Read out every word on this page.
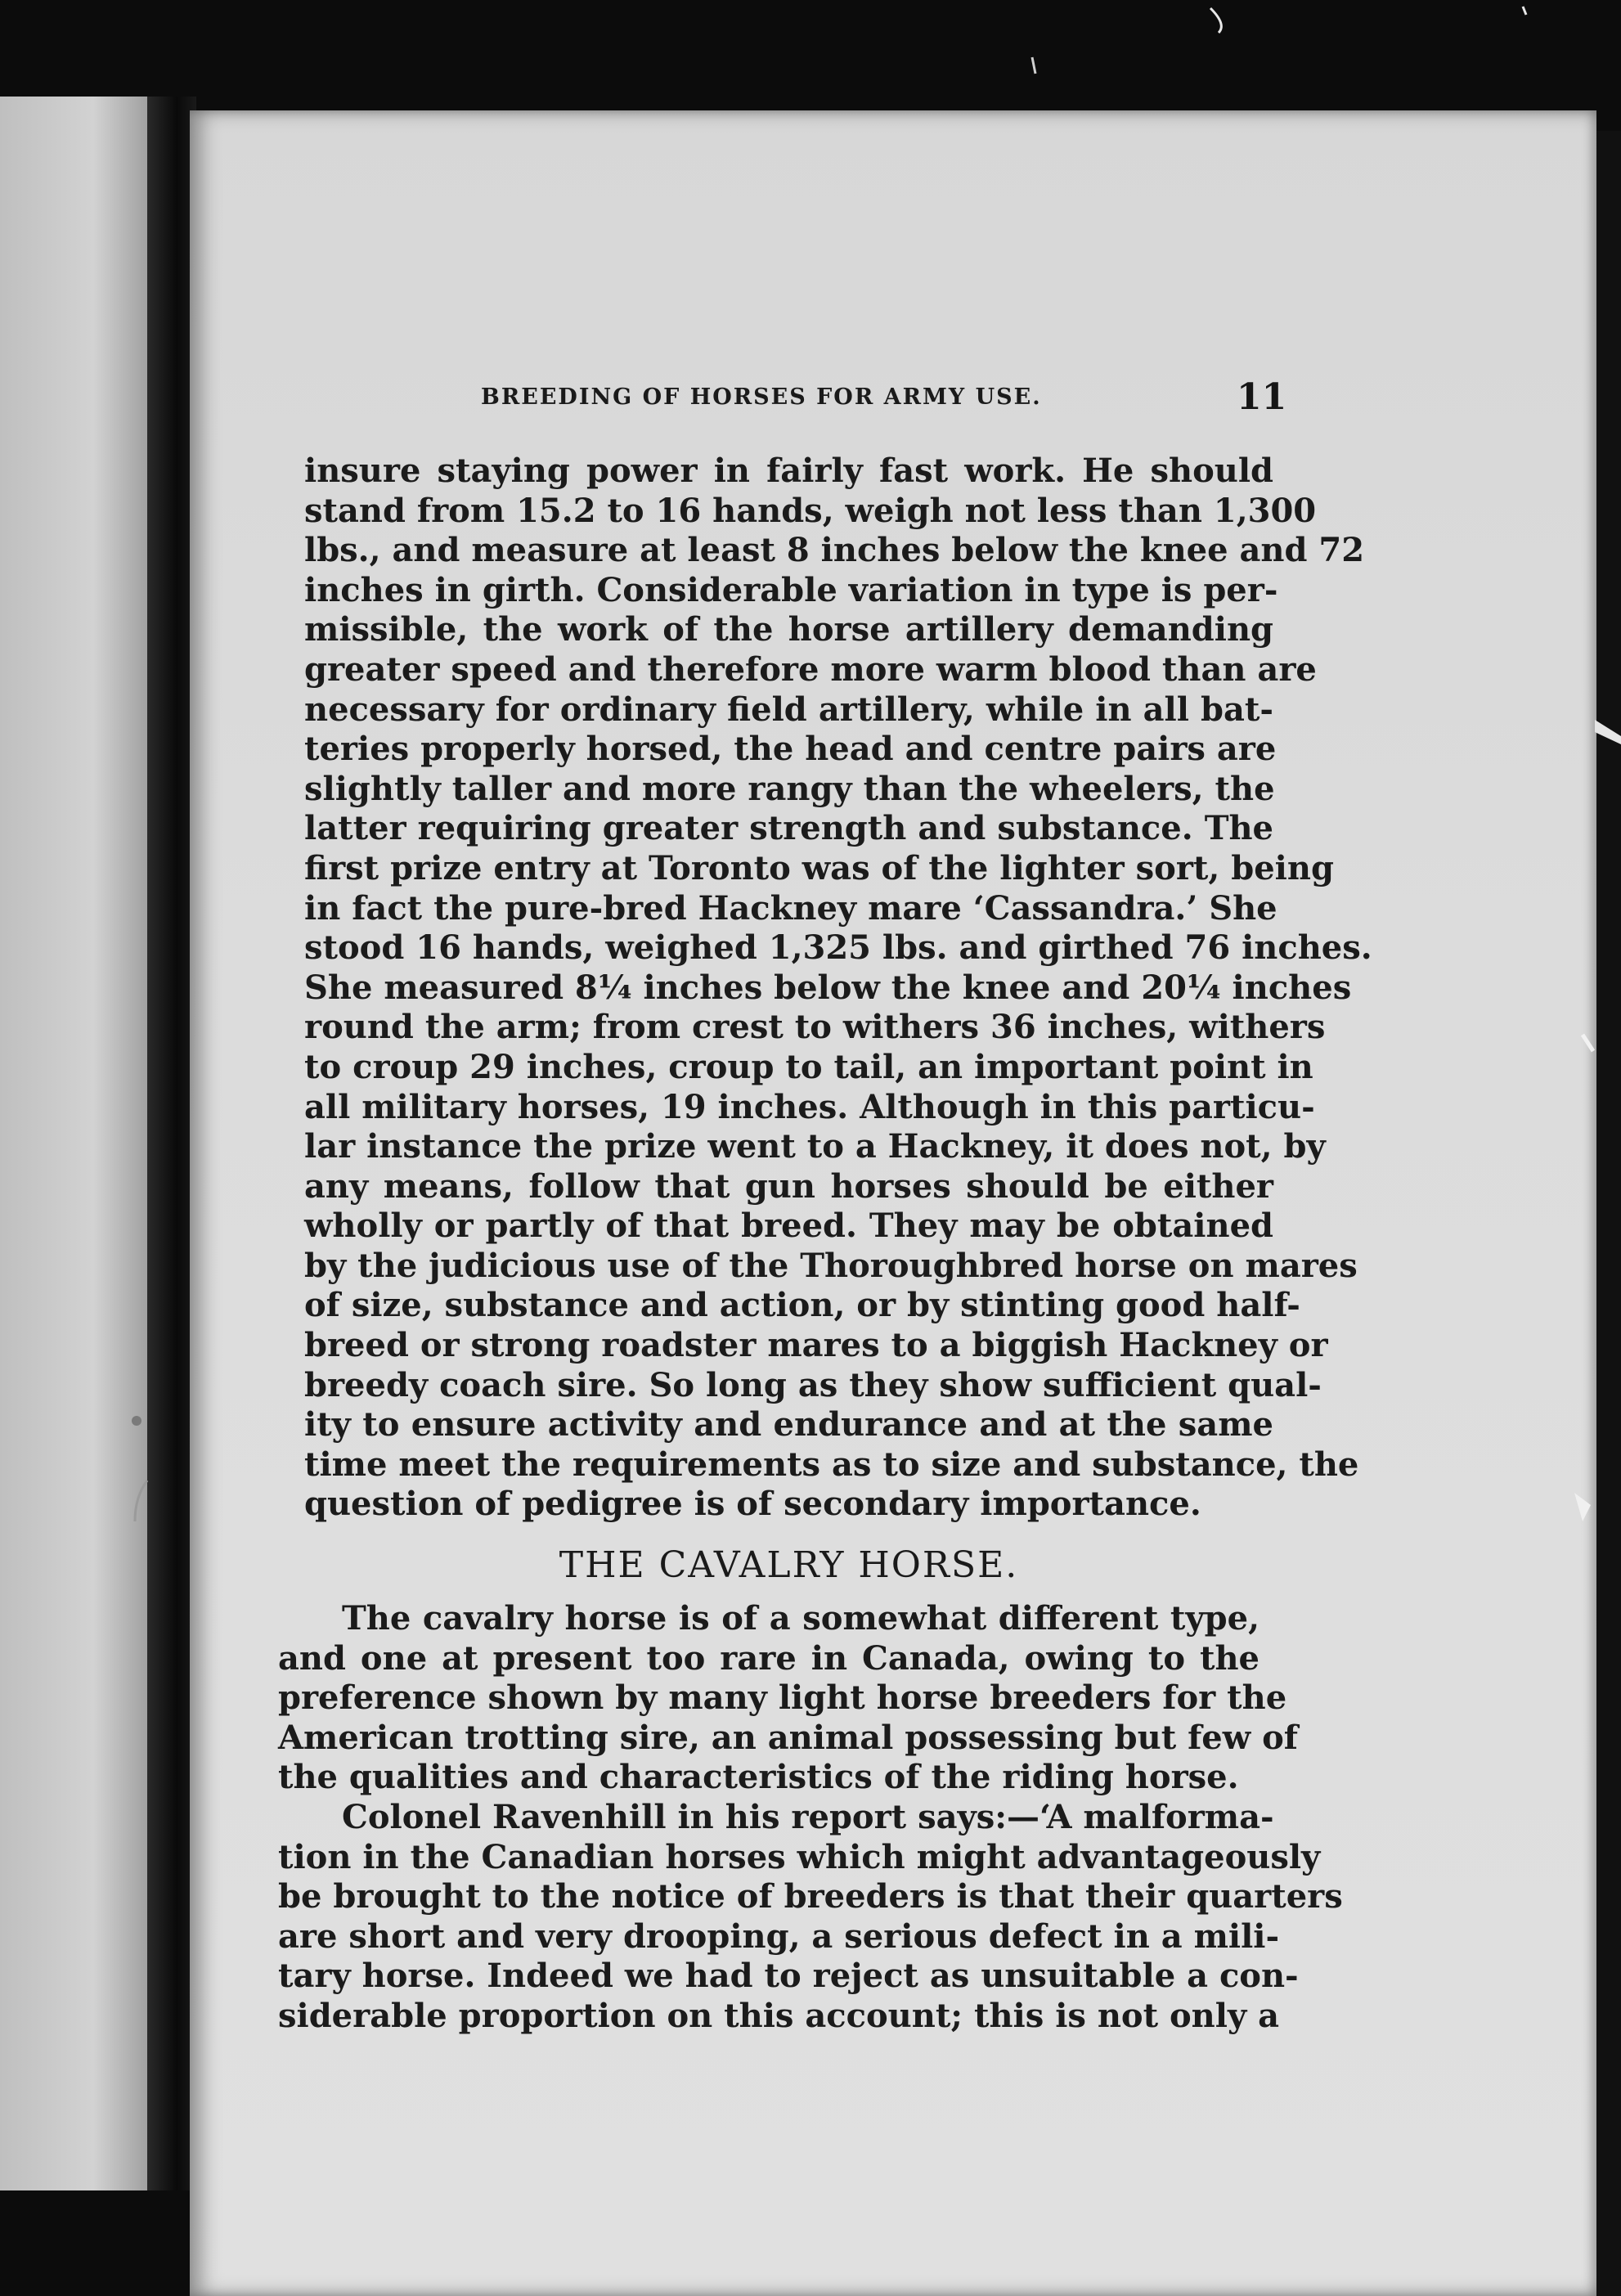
BREEDING OF HORSES FOR ARMY USE.	11
insure staying power in fairly fast work. He should
stand from 15.2 to 16 hands, weigh not less than 1,300
lbs., and measure at least 8 inches below the knee and 72
inches in girth. Considerable variation in type is per-
missible, the work of the horse artillery demanding
greater speed and therefore more warm blood than are
necessary for ordinary field artillery, while in all bat-
teries properly horsed, the head and centre pairs are
slightly taller and more rangy than the wheelers, the
latter requiring greater strength and substance. The
first prize entry at Toronto was of the lighter sort, being
in fact the pure-bred Hackney mare ‘Cassandra.’ She
stood 16 hands, weighed 1,325 lbs. and girthed 76 inches.
She measured 8¼ inches below the knee and 20¼ inches
round the arm; from crest to withers 36 inches, withers
to croup 29 inches, croup to tail, an important point in
all military horses, 19 inches. Although in this particu-
lar instance the prize went to a Hackney, it does not, by
any means, follow that gun horses should be either
wholly or partly of that breed. They may be obtained
by the judicious use of the Thoroughbred horse on mares
of size, substance and action, or by stinting good half-
breed or strong roadster mares to a biggish Hackney or
breedy coach sire. So long as they show sufficient qual-
ity to ensure activity and endurance and at the same
time meet the requirements as to size and substance, the
question of pedigree is of secondary importance.
THE CAVALRY HORSE.
The cavalry horse is of a somewhat different type,
and one at present too rare in Canada, owing to the
preference shown by many light horse breeders for the
American trotting sire, an animal possessing but few of
the qualities and characteristics of the riding horse.
Colonel Ravenhill in his report says:—‘A malforma-
tion in the Canadian horses which might advantageously
be brought to the notice of breeders is that their quarters
are short and very drooping, a serious defect in a mili-
tary horse. Indeed we had to reject as unsuitable a con-
siderable proportion on this account; this is not only a
